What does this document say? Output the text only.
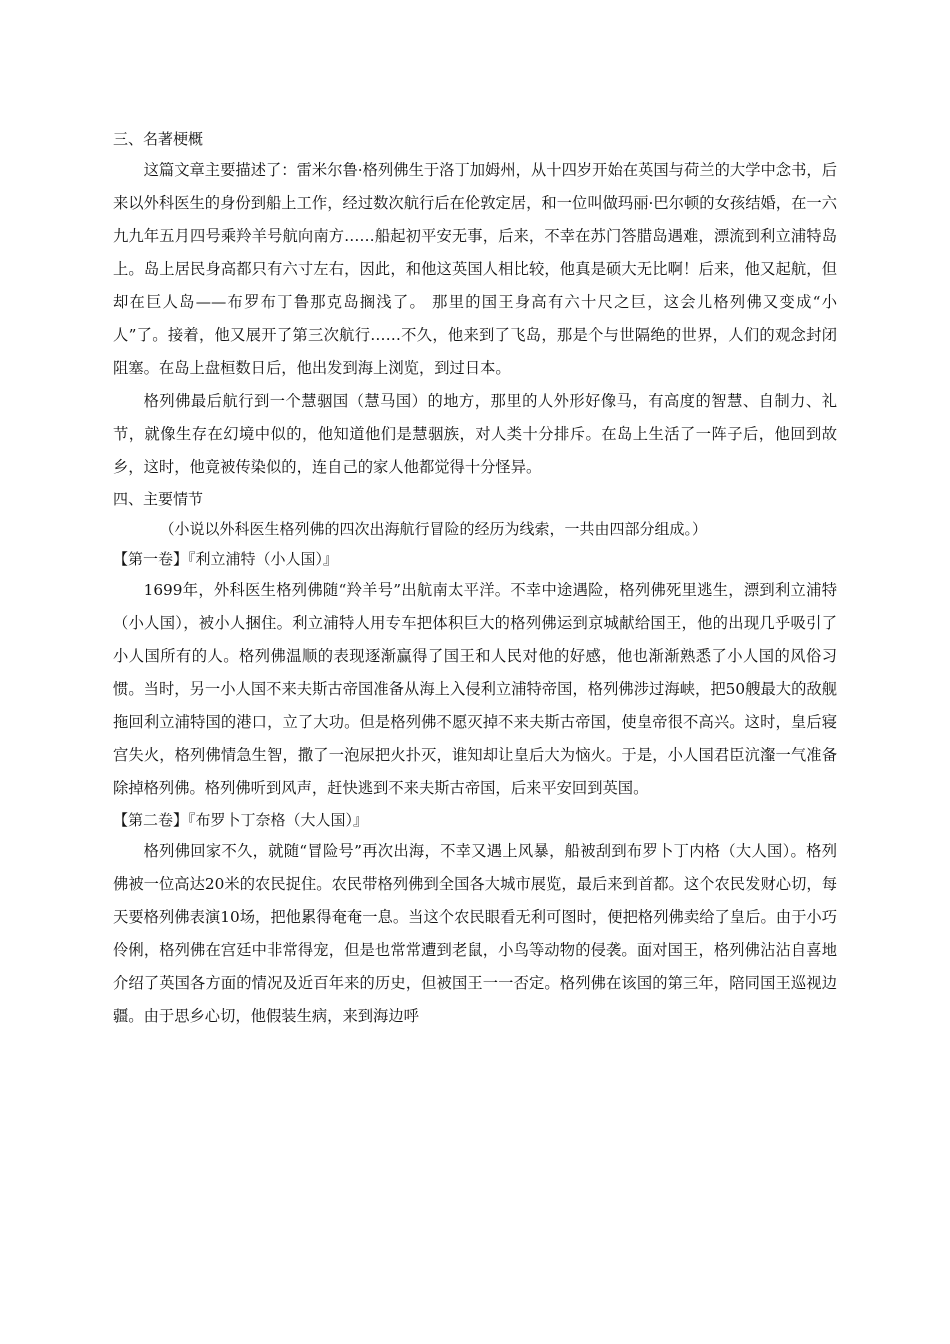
三、名著梗概

这篇文章主要描述了：雷米尔鲁·格列佛生于洛丁加姆州，从十四岁开始在英国与荷兰的大学中念书，后来以外科医生的身份到船上工作，经过数次航行后在伦敦定居，和一位叫做玛丽·巴尔顿的女孩结婚，在一六九九年五月四号乘羚羊号航向南方……船起初平安无事，后来，不幸在苏门答腊岛遇难，漂流到利立浦特岛上。岛上居民身高都只有六寸左右，因此，和他这英国人相比较，他真是硕大无比啊！后来，他又起航，但却在巨人岛——布罗布丁鲁那克岛搁浅了。 那里的国王身高有六十尺之巨，这会儿格列佛又变成“小人”了。接着，他又展开了第三次航行……不久，他来到了飞岛，那是个与世隔绝的世界，人们的观念封闭阻塞。在岛上盘桓数日后，他出发到海上浏览，到过日本。

格列佛最后航行到一个慧骃国（慧马国）的地方，那里的人外形好像马，有高度的智慧、自制力、礼节，就像生存在幻境中似的，他知道他们是慧骃族，对人类十分排斥。在岛上生活了一阵子后，他回到故乡，这时，他竟被传染似的，连自己的家人他都觉得十分怪异。

四、主要情节
（小说以外科医生格列佛的四次出海航行冒险的经历为线索，一共由四部分组成。）
【第一卷】『利立浦特（小人国）』

1699年，外科医生格列佛随“羚羊号”出航南太平洋。不幸中途遇险，格列佛死里逃生，漂到利立浦特（小人国），被小人捆住。利立浦特人用专车把体积巨大的格列佛运到京城献给国王，他的出现几乎吸引了小人国所有的人。格列佛温顺的表现逐渐赢得了国王和人民对他的好感，他也渐渐熟悉了小人国的风俗习惯。当时，另一小人国不来夫斯古帝国准备从海上入侵利立浦特帝国，格列佛涉过海峡，把50艘最大的敌舰拖回利立浦特国的港口，立了大功。但是格列佛不愿灭掉不来夫斯古帝国，使皇帝很不高兴。这时，皇后寝宫失火，格列佛情急生智，撒了一泡尿把火扑灭，谁知却让皇后大为恼火。于是，小人国君臣沆瀣一气准备除掉格列佛。格列佛听到风声，赶快逃到不来夫斯古帝国，后来平安回到英国。

【第二卷】『布罗卜丁奈格（大人国）』

格列佛回家不久，就随“冒险号”再次出海，不幸又遇上风暴，船被刮到布罗卜丁内格（大人国）。格列佛被一位高达20米的农民捉住。农民带格列佛到全国各大城市展览，最后来到首都。这个农民发财心切，每天要格列佛表演10场，把他累得奄奄一息。当这个农民眼看无利可图时，便把格列佛卖给了皇后。由于小巧伶俐，格列佛在宫廷中非常得宠，但是也常常遭到老鼠，小鸟等动物的侵袭。面对国王，格列佛沾沾自喜地介绍了英国各方面的情况及近百年来的历史，但被国王一一否定。格列佛在该国的第三年，陪同国王巡视边疆。由于思乡心切，他假装生病，来到海边呼
